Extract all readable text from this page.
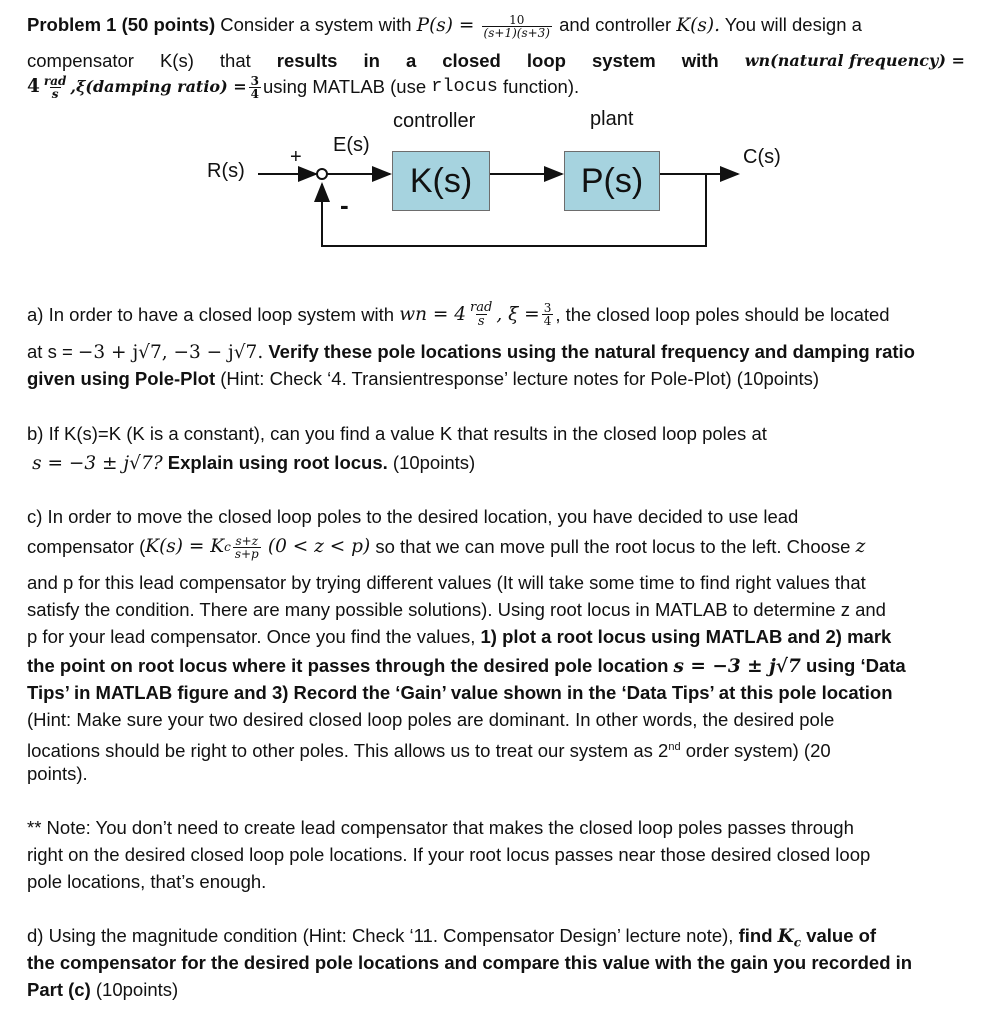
Problem 1 (50 points) Consider a system with $P(s) = \frac{10}{(s+1)(s+3)}$ and controller K(s). You will design a
compensator K(s) that results in a closed loop system with wn(natural frequency) =
$4 \frac{\text{rad}}{s}$ ,ξ(damping ratio) = $\frac{3}{4}$ using MATLAB (use
rlocus
function).
controller	plant
E(s)
+
R(s)
C(s)
-
K(s)	P(s)
a) In order to have a closed loop system with
wn = $4 \frac{\text{rad}}{s}$ , $\xi = \frac{3}{4}$ , the closed loop poles should be located
at s = −3 + j√7, −3 − j√7. Verify these pole locations using the natural frequency and damping ratio
given using Pole-Plot (Hint: Check ‘4. Transientresponse’ lecture notes for Pole-Plot) (10points)
b) If K(s)=K (K is a constant), can you find a value K that results in the closed loop poles at
s = −3 ± j√7? Explain using root locus. (10points)
c) In order to move the closed loop poles to the desired location, you have decided to use lead
compensator ( K(s) = K c $\frac{s+z}{s+p}$
(0 < z < p)
so that we can move pull the root locus to the left. Choose
z
and p for this lead compensator by trying different values (It will take some time to find right values that
satisfy the condition. There are many possible solutions). Using root locus in MATLAB to determine z and
p for your lead compensator. Once you find the values, 1) plot a root locus using MATLAB and 2) mark
the point on root locus where it passes through the desired pole location s = −3 ± j√7 using ‘Data
Tips’ in MATLAB figure and 3) Record the ‘Gain’ value shown in the ‘Data Tips’ at this pole location
(Hint: Make sure your two desired closed loop poles are dominant. In other words, the desired pole
locations should be right to other poles. This allows us to treat our system as 2nd order system) (20
points).
** Note: You don’t need to create lead compensator that makes the closed loop poles passes through
right on the desired closed loop pole locations. If your root locus passes near those desired closed loop
pole locations, that’s enough.
d) Using the magnitude condition (Hint: Check ‘11. Compensator Design’ lecture note), find $K_c$ value of
the compensator for the desired pole locations and compare this value with the gain you recorded in
Part (c) (10points)
